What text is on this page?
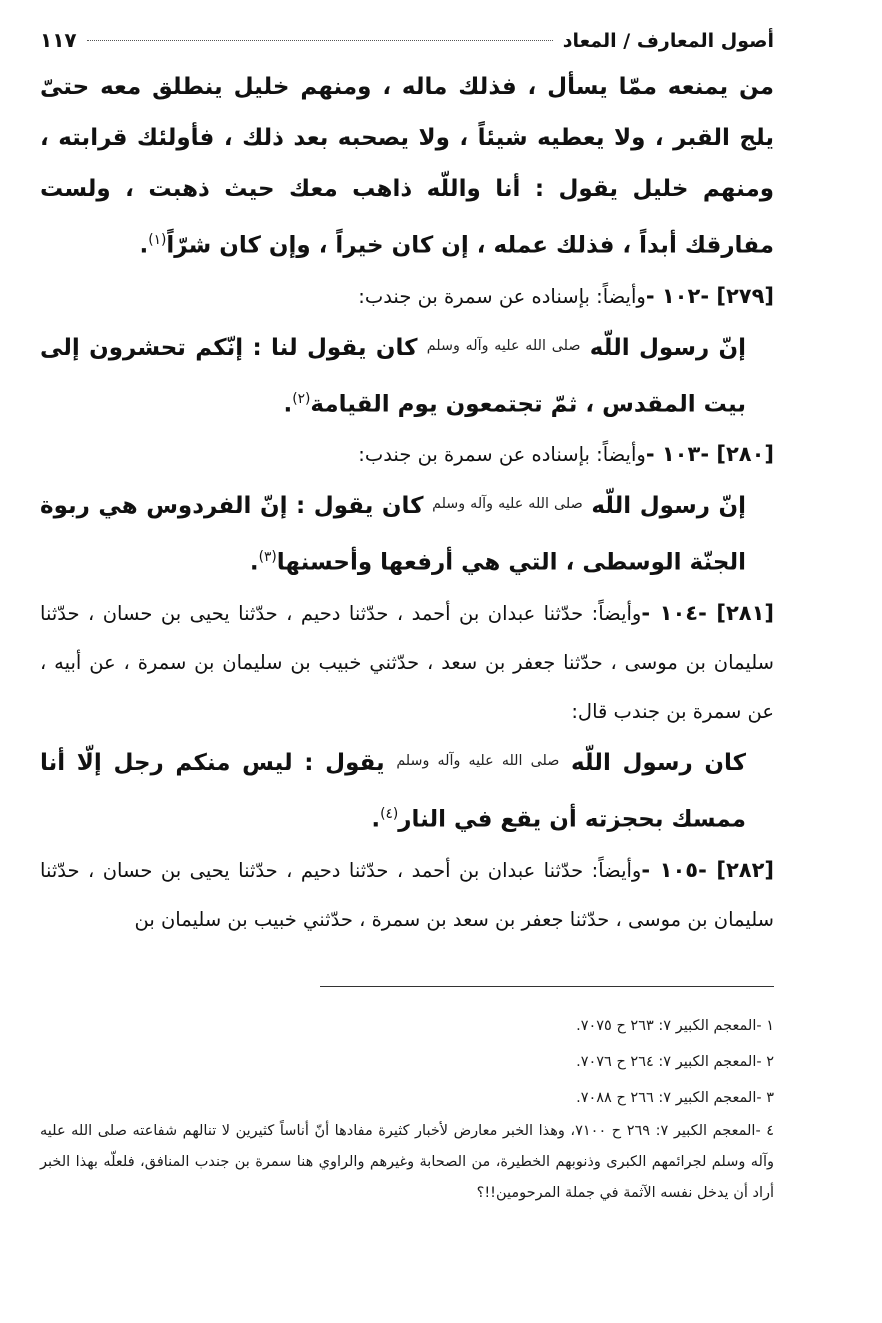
أصول المعارف / المعاد
١١٧

من يمنعه ممّا يسأل ، فذلك ماله ، ومنهم خليل ينطلق معه حتىّ يلج القبر ، ولا يعطيه شيئاً ، ولا يصحبه بعد ذلك ، فأولئك قرابته ، ومنهم خليل يقول : أنا واللّه ذاهب معك حيث ذهبت ، ولست مفارقك أبداً ، فذلك عمله ، إن كان خيراً ، وإن كان شرّاً$^{(١)}$.

[٢٧٩] -١٠٢ -وأيضاً: بإسناده عن سمرة بن جندب:

إنّ رسول اللّه $^{صلى الله عليه وآله وسلم}$ كان يقول لنا : إنّكم تحشرون إلى بيت المقدس ، ثمّ تجتمعون يوم القيامة$^{(٢)}$.

[٢٨٠] -١٠٣ -وأيضاً: بإسناده عن سمرة بن جندب:

إنّ رسول اللّه $^{صلى الله عليه وآله وسلم}$ كان يقول : إنّ الفردوس هي ربوة الجنّة الوسطى ، التي هي أرفعها وأحسنها$^{(٣)}$.

[٢٨١] -١٠٤ -وأيضاً: حدّثنا عبدان بن أحمد ، حدّثنا دحيم ، حدّثنا يحيى بن حسان ، حدّثنا سليمان بن موسى ، حدّثنا جعفر بن سعد ، حدّثني خبيب بن سليمان بن سمرة ، عن أبيه ، عن سمرة بن جندب قال:

كان رسول اللّه $^{صلى الله عليه وآله وسلم}$ يقول : ليس منكم رجل إلّا أنا ممسك بحجزته أن يقع في النار$^{(٤)}$.

[٢٨٢] -١٠٥ -وأيضاً: حدّثنا عبدان بن أحمد ، حدّثنا دحيم ، حدّثنا يحيى بن حسان ، حدّثنا سليمان بن موسى ، حدّثنا جعفر بن سعد بن سمرة ، حدّثني خبيب بن سليمان بن

١ -المعجم الكبير ٧: ٢٦٣ ح ٧٠٧٥.

٢ -المعجم الكبير ٧: ٢٦٤ ح ٧٠٧٦.

٣ -المعجم الكبير ٧: ٢٦٦ ح ٧٠٨٨.

٤ -المعجم الكبير ٧: ٢٦٩ ح ٧١٠٠، وهذا الخبر معارض لأخبار كثيرة مفادها أنّ أناساً كثيرين لا تنالهم شفاعته صلى الله عليه وآله وسلم لجرائمهم الكبرى وذنوبهم الخطيرة، من الصحابة وغيرهم والراوي هنا سمرة بن جندب المنافق، فلعلّه بهذا الخبر أراد أن يدخل نفسه الآثمة في جملة المرحومين!!؟
